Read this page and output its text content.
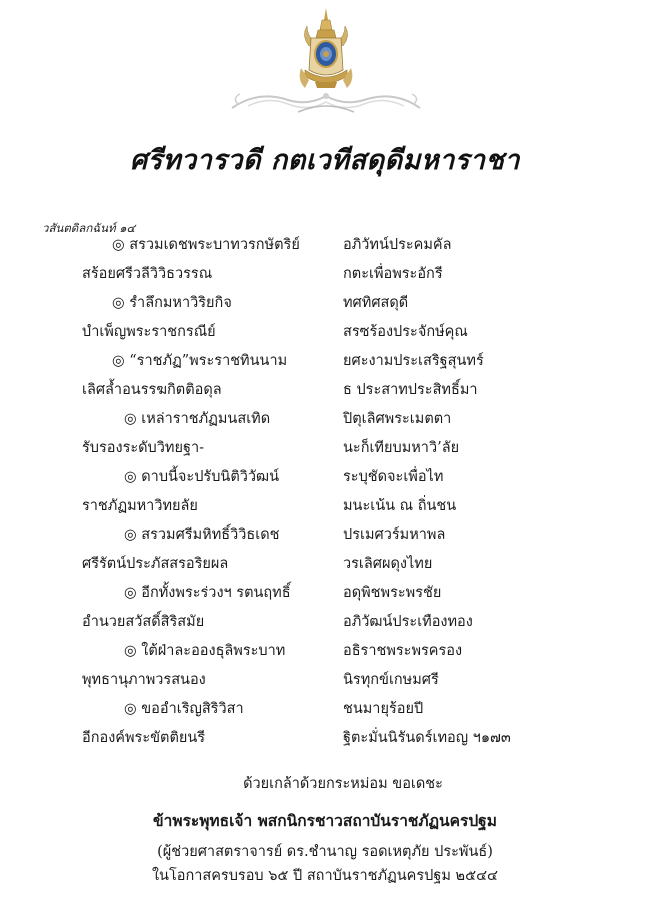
ศรีทวารวดี กตเวทีสดุดีมหาราชา
วสันตดิลกฉันท์ ๑๔
◎ สรวมเดชพระบาทวรกษัตริย์	อภิวัทน์ประคมคัล
สร้อยศรีวลีวิวิธวรรณ	กตะเพื่อพระอักรี
◎ รำลึกมหาวิริยกิจ	ทศทิศสดุดี
บำเพ็ญพระราชกรณีย์	สรซร้องประจักษ์คุณ
◎ “ราชภัฏ”พระราชทินนาม	ยศะงามประเสริฐสุนทร์
เลิศล้ำอนรรฆกิตติอดุล	ธ ประสาทประสิทธิ์มา
◎ เหล่าราชภัฏมนสเทิด	ปิตุเลิศพระเมตตา
รับรองระดับวิทยฐา-	นะก็เทียบมหาวิ’ลัย
◎ ดาบนี้จะปรับนิติวิวัฒน์	ระบุชัดจะเพื่อไท
ราชภัฏมหาวิทยลัย	มนะเน้น ณ ถิ่นชน
◎ สรวมศรีมหิทธิ์วิวิธเดช	ปรเมศวร์มหาพล
ศรีรัตน์ประภัสสรอริยผล	วรเลิศผดุงไทย
◎ อีกทั้งพระร่วงฯ รตนฤทธิ์	อดุพิชพระพรชัย
อำนวยสวัสดิ์สิริสมัย	อภิวัฒน์ประเทืองทอง
◎ ใต้ฝ่าละอองธุลิพระบาท	อธิราชพระพรครอง
พุทธานุภาพวรสนอง	นิรทุกข์เกษมศรี
◎ ขออำเริญสิริวิสา	ชนมายุร้อยปี
อีกองค์พระขัตติยนรี	ฐิตะมั่นนิรันดร์เทอญ ฯ๑๗๓
ด้วยเกล้าด้วยกระหม่อม ขอเดชะ
ข้าพระพุทธเจ้า พสกนิกรชาวสถาบันราชภัฏนครปฐม
(ผู้ช่วยศาสตราจารย์ ดร.ชำนาญ รอดเหตุภัย ประพันธ์)
ในโอกาสครบรอบ ๖๕ ปี สถาบันราชภัฏนครปฐม ๒๕๔๔
